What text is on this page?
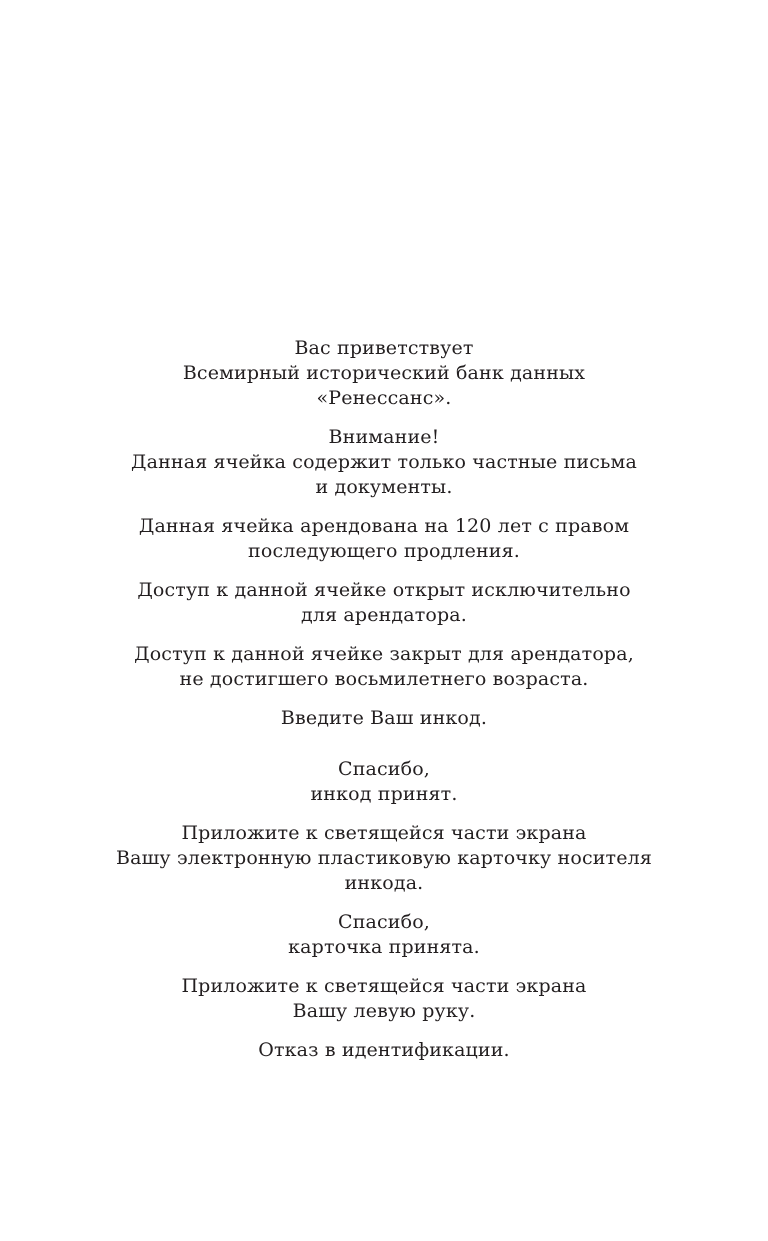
Вас приветствует
Всемирный исторический банк данных
«Ренессанс».
Внимание!
Данная ячейка содержит только частные письма
и документы.
Данная ячейка арендована на 120 лет с правом
последующего продления.
Доступ к данной ячейке открыт исключительно
для арендатора.
Доступ к данной ячейке закрыт для арендатора,
не достигшего восьмилетнего возраста.
Введите Ваш инкод.
Спасибо,
инкод принят.
Приложите к светящейся части экрана
Вашу электронную пластиковую карточку носителя
инкода.
Спасибо,
карточка принята.
Приложите к светящейся части экрана
Вашу левую руку.
Отказ в идентификации.
